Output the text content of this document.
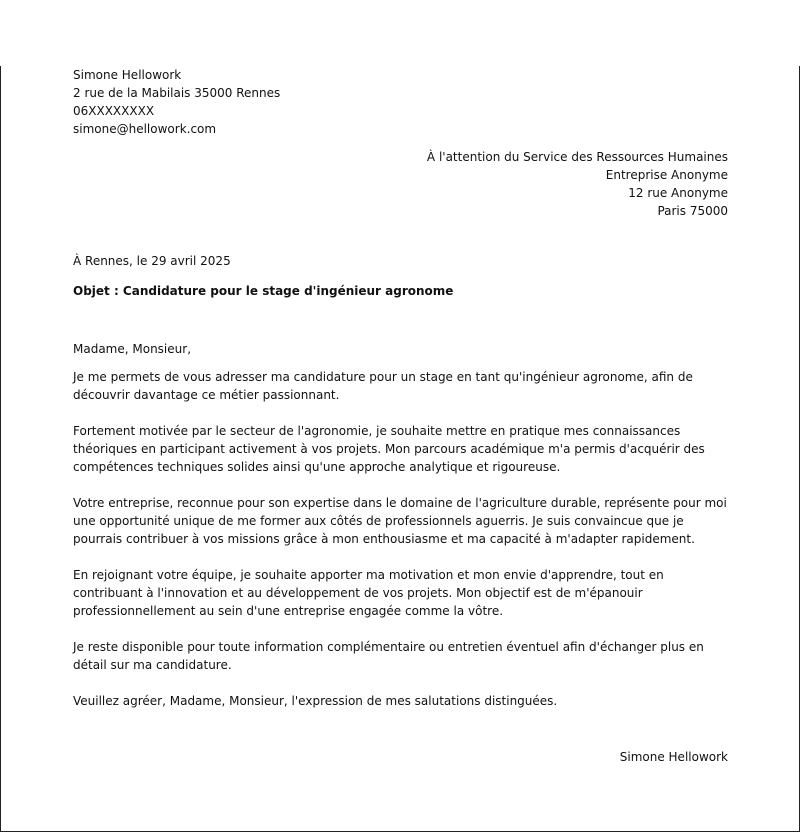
Simone Hellowork
2 rue de la Mabilais 35000 Rennes
06XXXXXXXX
simone@hellowork.com
À l'attention du Service des Ressources Humaines
Entreprise Anonyme
12 rue Anonyme
Paris 75000
À Rennes, le 29 avril 2025
Objet : Candidature pour le stage d'ingénieur agronome

Madame, Monsieur,

Je me permets de vous adresser ma candidature pour un stage en tant qu'ingénieur agronome, afin de découvrir davantage ce métier passionnant.

Fortement motivée par le secteur de l'agronomie, je souhaite mettre en pratique mes connaissances théoriques en participant activement à vos projets. Mon parcours académique m'a permis d'acquérir des compétences techniques solides ainsi qu'une approche analytique et rigoureuse.

Votre entreprise, reconnue pour son expertise dans le domaine de l'agriculture durable, représente pour moi une opportunité unique de me former aux côtés de professionnels aguerris. Je suis convaincue que je pourrais contribuer à vos missions grâce à mon enthousiasme et ma capacité à m'adapter rapidement.

En rejoignant votre équipe, je souhaite apporter ma motivation et mon envie d'apprendre, tout en contribuant à l'innovation et au développement de vos projets. Mon objectif est de m'épanouir professionnellement au sein d'une entreprise engagée comme la vôtre.

Je reste disponible pour toute information complémentaire ou entretien éventuel afin d'échanger plus en détail sur ma candidature.

Veuillez agréer, Madame, Monsieur, l'expression de mes salutations distinguées.

Simone Hellowork
